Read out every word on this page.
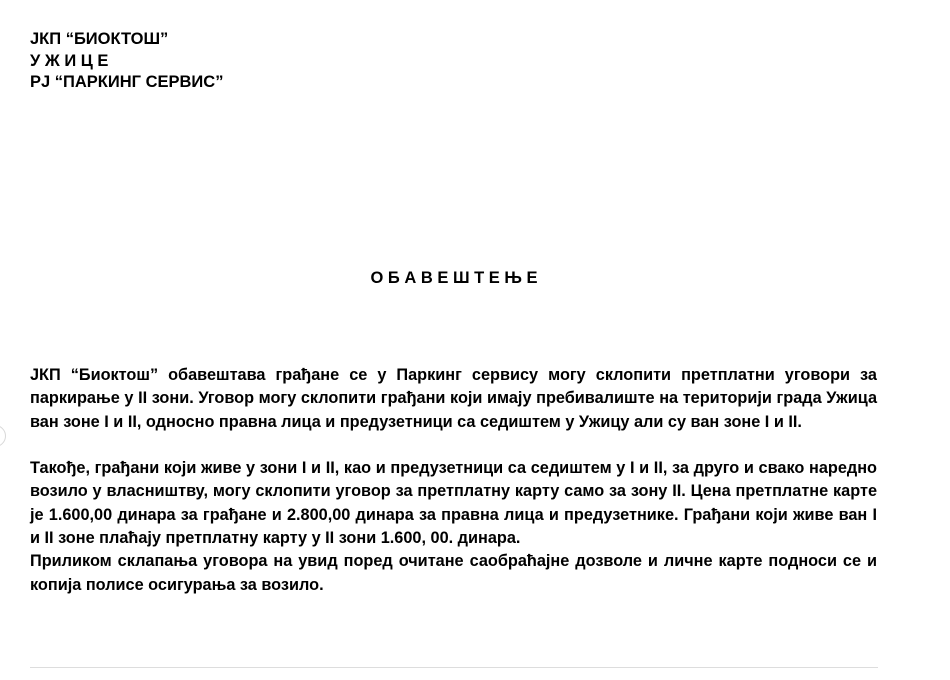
ЈКП “БИОКТОШ”
У Ж И Ц Е
РЈ “ПАРКИНГ СЕРВИС”
О Б А В Е Ш Т Е Њ Е

ЈКП “Биоктош” обавештава грађане се у Паркинг сервису могу склопити претплатни уговори за паркирање у II зони. Уговор могу склопити грађани који имају пребивалиште на територији града Ужица ван зоне I и II, односно правна лица и предузетници са седиштем у Ужицу али су ван зоне I и II.

Такође, грађани који живе у зони I и II, као и предузетници са седиштем у I и II, за друго и свако наредно возило у власништву, могу склопити уговор за претплатну карту само за зону II. Цена претплатне карте је 1.600,00 динара за грађане и 2.800,00 динара за правна лица и предузетнике. Грађани који живе ван I и II зоне плаћају претплатну карту у II зони 1.600, 00. динара.

Приликом склапања уговора на увид поред очитане саобраћајне дозволе и личне карте подноси се и копија полисе осигурања за возило.
